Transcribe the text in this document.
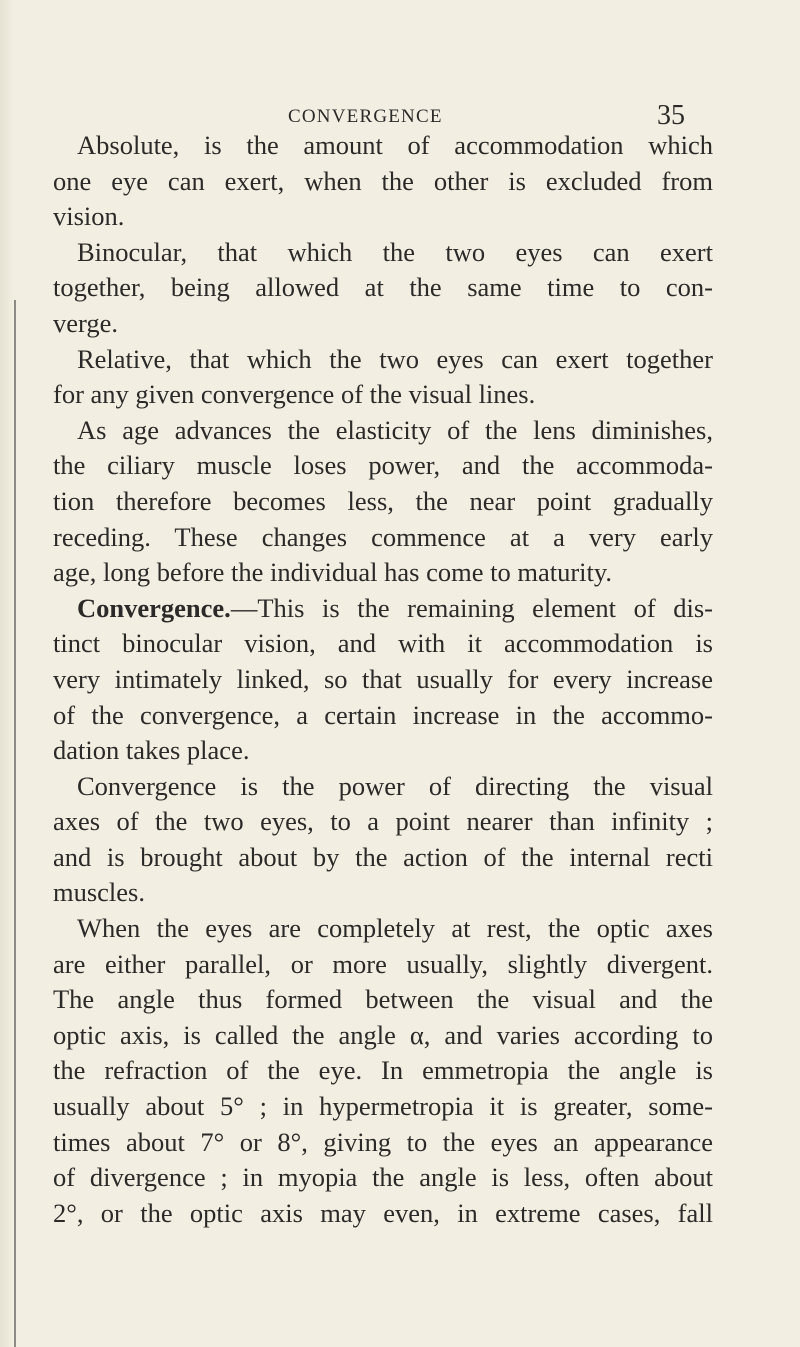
CONVERGENCE	35
Absolute, is the amount of accommodation which
one eye can exert, when the other is excluded from
vision.
Binocular, that which the two eyes can exert
together, being allowed at the same time to con-
verge.
Relative, that which the two eyes can exert together
for any given convergence of the visual lines.
As age advances the elasticity of the lens diminishes,
the ciliary muscle loses power, and the accommoda-
tion therefore becomes less, the near point gradually
receding. These changes commence at a very early
age, long before the individual has come to maturity.
Convergence.—This is the remaining element of dis-
tinct binocular vision, and with it accommodation is
very intimately linked, so that usually for every increase
of the convergence, a certain increase in the accommo-
dation takes place.
Convergence is the power of directing the visual
axes of the two eyes, to a point nearer than infinity ;
and is brought about by the action of the internal recti
muscles.
When the eyes are completely at rest, the optic axes
are either parallel, or more usually, slightly divergent.
The angle thus formed between the visual and the
optic axis, is called the angle α, and varies according to
the refraction of the eye. In emmetropia the angle is
usually about 5° ; in hypermetropia it is greater, some-
times about 7° or 8°, giving to the eyes an appearance
of divergence ; in myopia the angle is less, often about
2°, or the optic axis may even, in extreme cases, fall
